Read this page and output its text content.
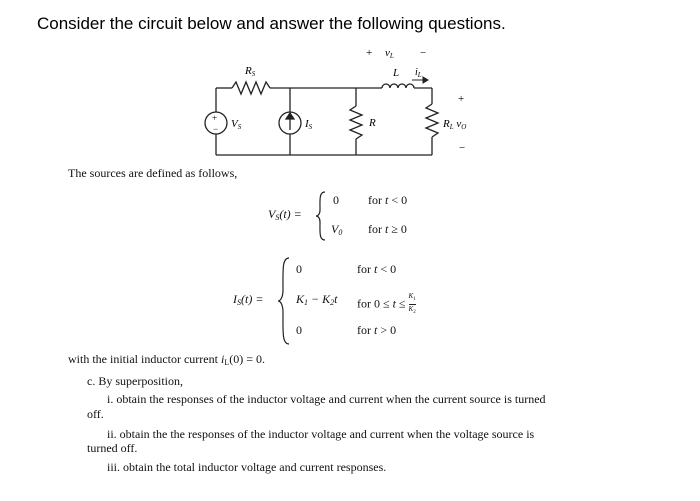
Consider the circuit below and answer the following questions.
+
−
+ vL −
L $i_L$
RS
VS	IS	R
+
RL vO
−
The sources are defined as follows,
$V_S(t)$ =
0 for t < 0
$V_0$ for t ≥ 0
$I_S(t)$ =
0	for t < 0
$K_1 - K_2t$ for $0 \le t \le \frac{K_1}{K_2}$
0	for t > 0
with the initial inductor current $i_L(0) = 0$.
c. By superposition,
i. obtain the responses of the inductor voltage and current when the current source is turned
off.
ii. obtain the the responses of the inductor voltage and current when the voltage source is
turned off.
iii. obtain the total inductor voltage and current responses.
